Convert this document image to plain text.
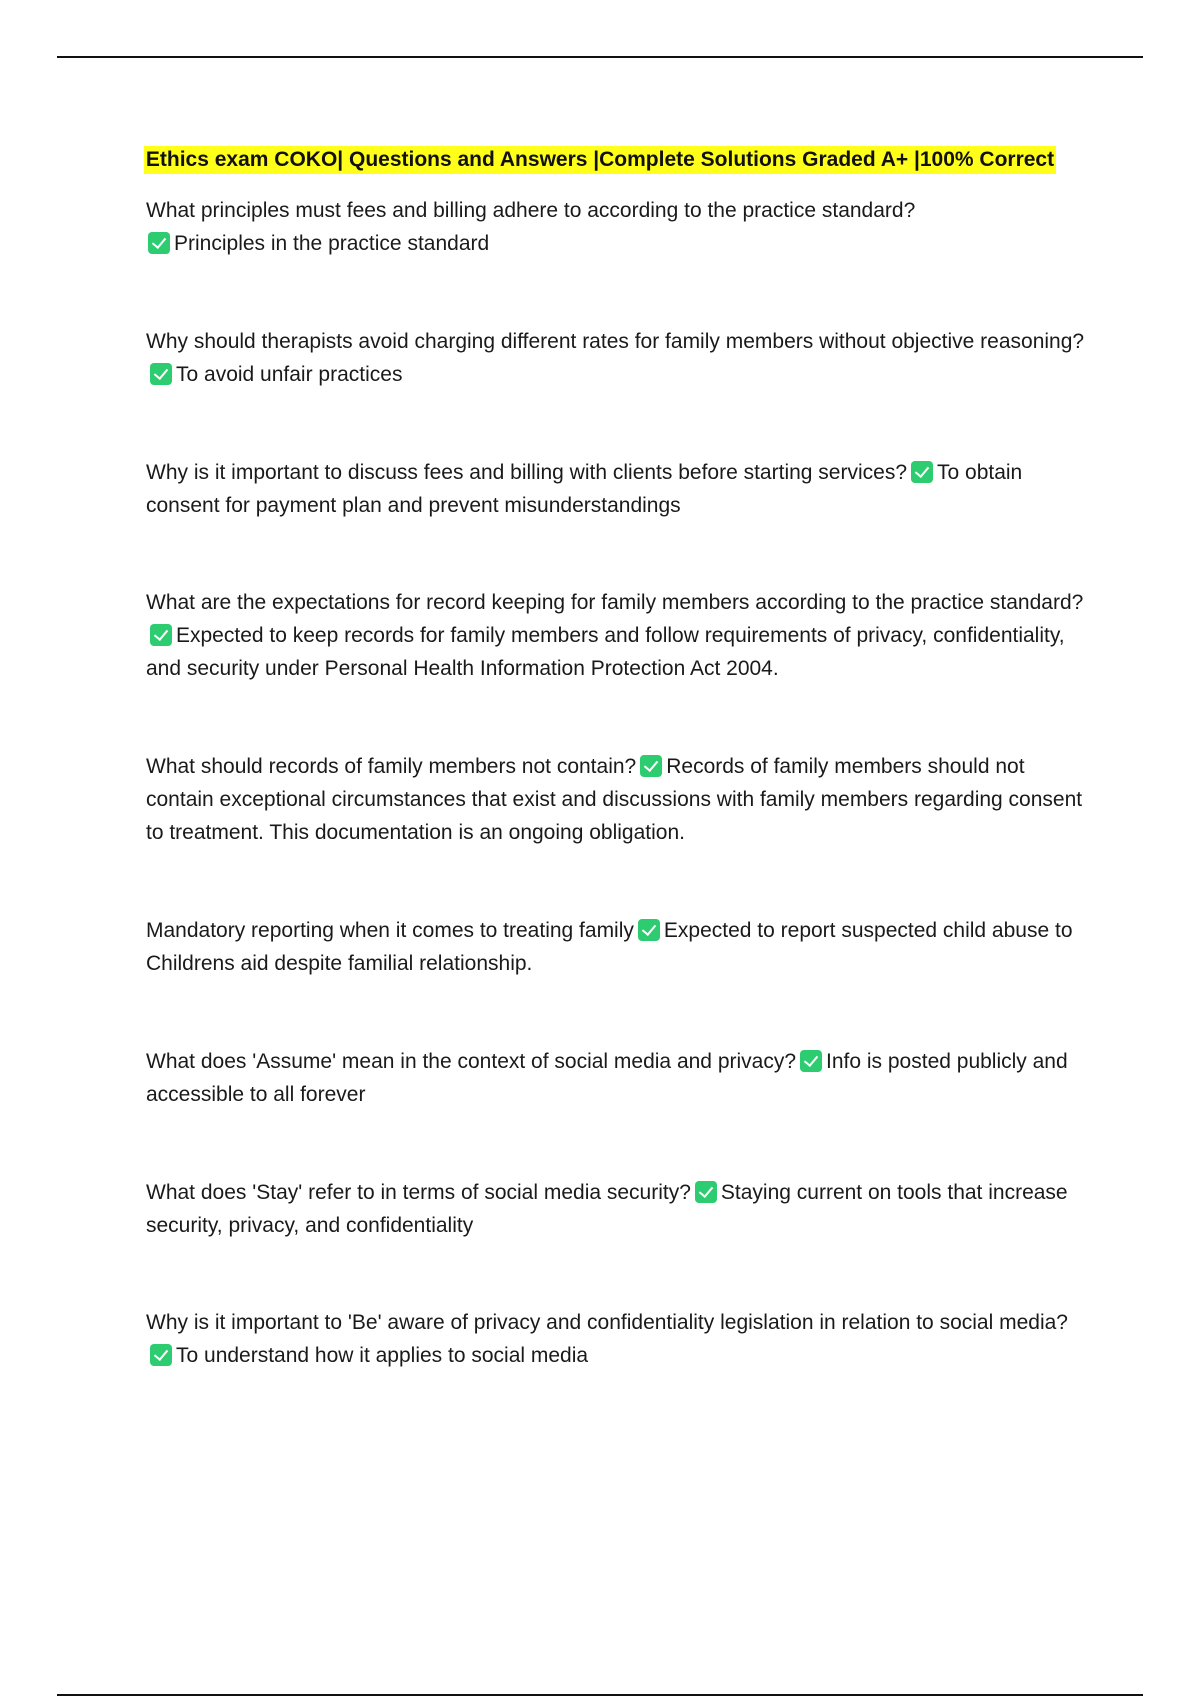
Ethics exam COKO| Questions and Answers |Complete Solutions Graded A+ |100% Correct

What principles must fees and billing adhere to according to the practice standard?
Principles in the practice standard

Why should therapists avoid charging different rates for family members without objective reasoning?To avoid unfair practices

Why is it important to discuss fees and billing with clients before starting services? To obtain consent for payment plan and prevent misunderstandings

What are the expectations for record keeping for family members according to the practice standard?Expected to keep records for family members and follow requirements of privacy, confidentiality, and security under Personal Health Information Protection Act 2004.

What should records of family members not contain? Records of family members should not contain exceptional circumstances that exist and discussions with family members regarding consent to treatment. This documentation is an ongoing obligation.

Mandatory reporting when it comes to treating family Expected to report suspected child abuse to Childrens aid despite familial relationship.

What does 'Assume' mean in the context of social media and privacy? Info is posted publicly and accessible to all forever

What does 'Stay' refer to in terms of social media security? Staying current on tools that increase security, privacy, and confidentiality

Why is it important to 'Be' aware of privacy and confidentiality legislation in relation to social media?To understand how it applies to social media
